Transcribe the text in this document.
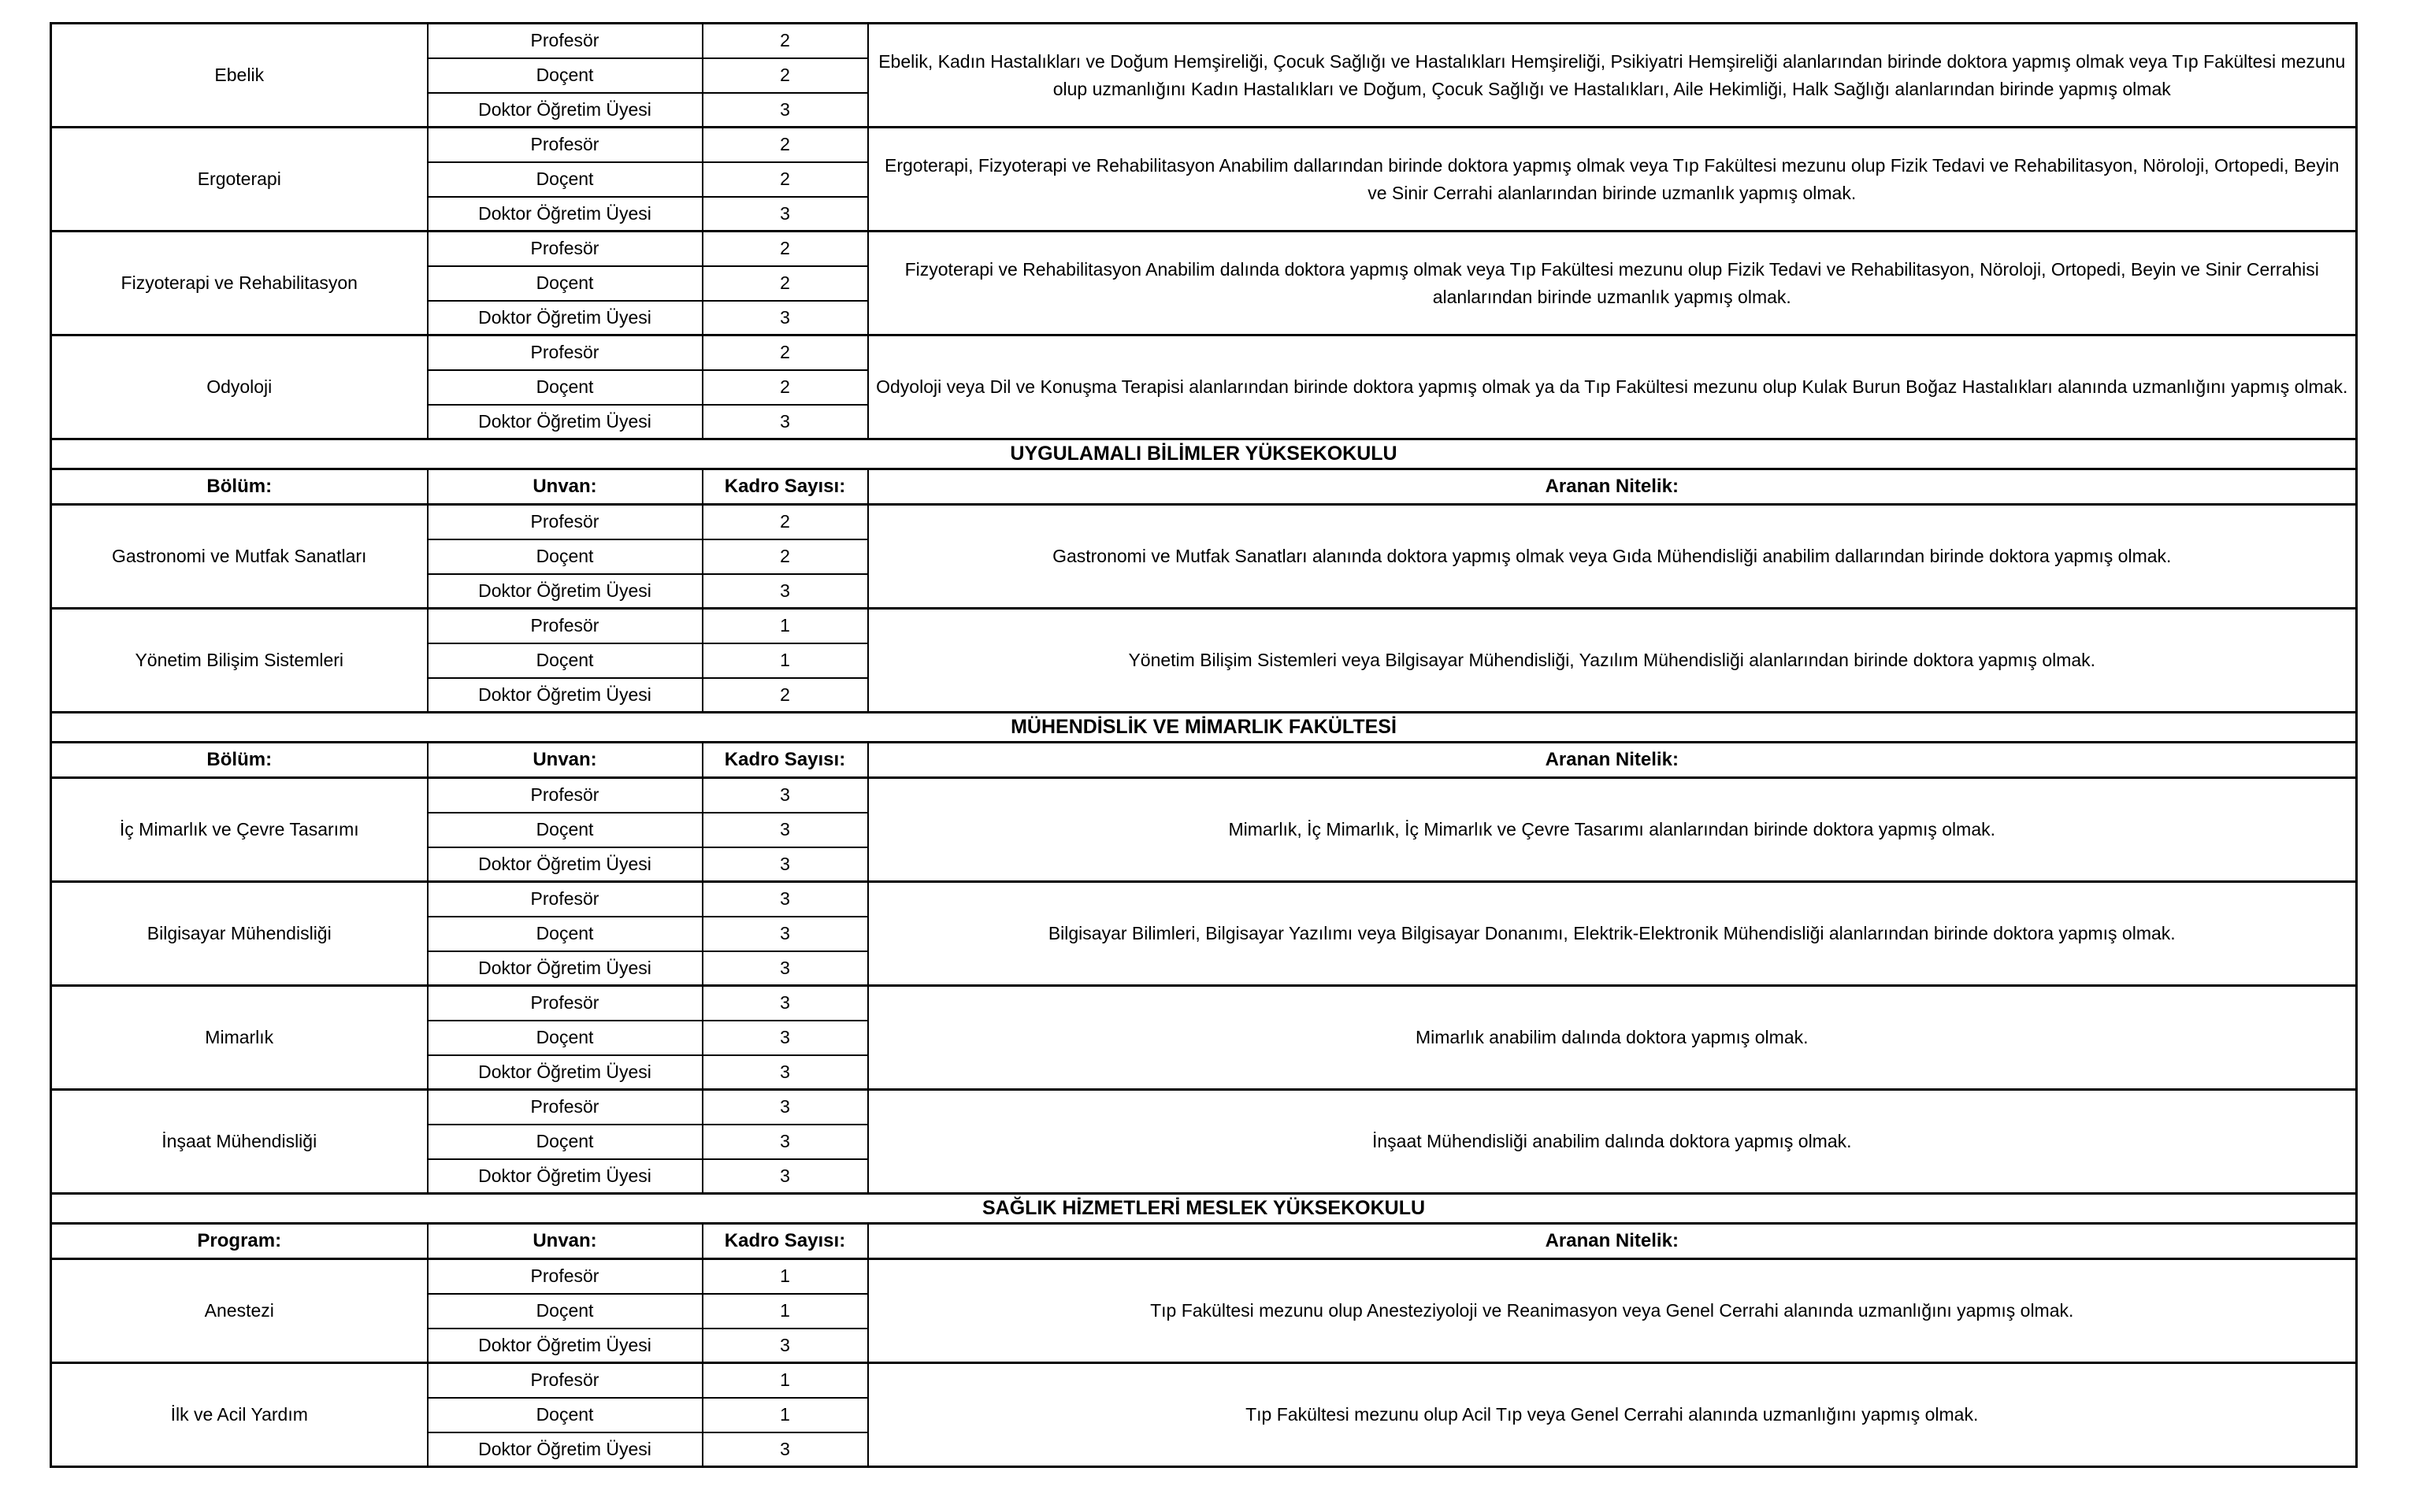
Ebelik	Profesör	2	Ebelik, Kadın Hastalıkları ve Doğum Hemşireliği, Çocuk Sağlığı ve Hastalıkları Hemşireliği, Psikiyatri Hemşireliği alanlarından birinde doktora yapmış olmak veya Tıp Fakültesi mezunu olup uzmanlığını Kadın Hastalıkları ve Doğum, Çocuk Sağlığı ve Hastalıkları, Aile Hekimliği, Halk Sağlığı alanlarından birinde yapmış olmak
	Doçent	2	
	Doktor Öğretim Üyesi	3	
Ergoterapi	Profesör	2	Ergoterapi, Fizyoterapi ve Rehabilitasyon Anabilim dallarından birinde doktora yapmış olmak veya Tıp Fakültesi mezunu olup Fizik Tedavi ve Rehabilitasyon, Nöroloji, Ortopedi, Beyin ve Sinir Cerrahi alanlarından birinde uzmanlık yapmış olmak.
	Doçent	2	
	Doktor Öğretim Üyesi	3	
Fizyoterapi ve Rehabilitasyon	Profesör	2	Fizyoterapi ve Rehabilitasyon Anabilim dalında doktora yapmış olmak veya Tıp Fakültesi mezunu olup Fizik Tedavi ve Rehabilitasyon, Nöroloji, Ortopedi, Beyin ve Sinir Cerrahisi alanlarından birinde uzmanlık yapmış olmak.
	Doçent	2	
	Doktor Öğretim Üyesi	3	
Odyoloji	Profesör	2	Odyoloji veya Dil ve Konuşma Terapisi alanlarından birinde doktora yapmış olmak ya da Tıp Fakültesi mezunu olup Kulak Burun Boğaz Hastalıkları alanında uzmanlığını yapmış olmak.
	Doçent	2	
	Doktor Öğretim Üyesi	3	
UYGULAMALI BİLİMLER YÜKSEKOKULU			
Bölüm:	Unvan:	Kadro Sayısı:	Aranan Nitelik:
Gastronomi ve Mutfak Sanatları	Profesör	2	Gastronomi ve Mutfak Sanatları alanında doktora yapmış olmak veya Gıda Mühendisliği anabilim dallarından birinde doktora yapmış olmak.
	Doçent	2	
	Doktor Öğretim Üyesi	3	
Yönetim Bilişim Sistemleri	Profesör	1	Yönetim Bilişim Sistemleri veya Bilgisayar Mühendisliği, Yazılım Mühendisliği alanlarından birinde doktora yapmış olmak.
	Doçent	1	
	Doktor Öğretim Üyesi	2	
MÜHENDİSLİK VE MİMARLIK FAKÜLTESİ			
Bölüm:	Unvan:	Kadro Sayısı:	Aranan Nitelik:
İç Mimarlık ve Çevre Tasarımı	Profesör	3	Mimarlık, İç Mimarlık, İç Mimarlık ve Çevre Tasarımı alanlarından birinde doktora yapmış olmak.
	Doçent	3	
	Doktor Öğretim Üyesi	3	
Bilgisayar Mühendisliği	Profesör	3	Bilgisayar Bilimleri, Bilgisayar Yazılımı veya Bilgisayar Donanımı, Elektrik-Elektronik Mühendisliği alanlarından birinde doktora yapmış olmak.
	Doçent	3	
	Doktor Öğretim Üyesi	3	
Mimarlık	Profesör	3	Mimarlık anabilim dalında doktora yapmış olmak.
	Doçent	3	
	Doktor Öğretim Üyesi	3	
İnşaat Mühendisliği	Profesör	3	İnşaat Mühendisliği anabilim dalında doktora yapmış olmak.
	Doçent	3	
	Doktor Öğretim Üyesi	3	
SAĞLIK HİZMETLERİ MESLEK YÜKSEKOKULU			
Program:	Unvan:	Kadro Sayısı:	Aranan Nitelik:
Anestezi	Profesör	1	Tıp Fakültesi mezunu olup Anesteziyoloji ve Reanimasyon veya Genel Cerrahi alanında uzmanlığını yapmış olmak.
	Doçent	1	
	Doktor Öğretim Üyesi	3	
İlk ve Acil Yardım	Profesör	1	Tıp Fakültesi mezunu olup Acil Tıp veya Genel Cerrahi alanında uzmanlığını yapmış olmak.
	Doçent	1	
	Doktor Öğretim Üyesi	3	
